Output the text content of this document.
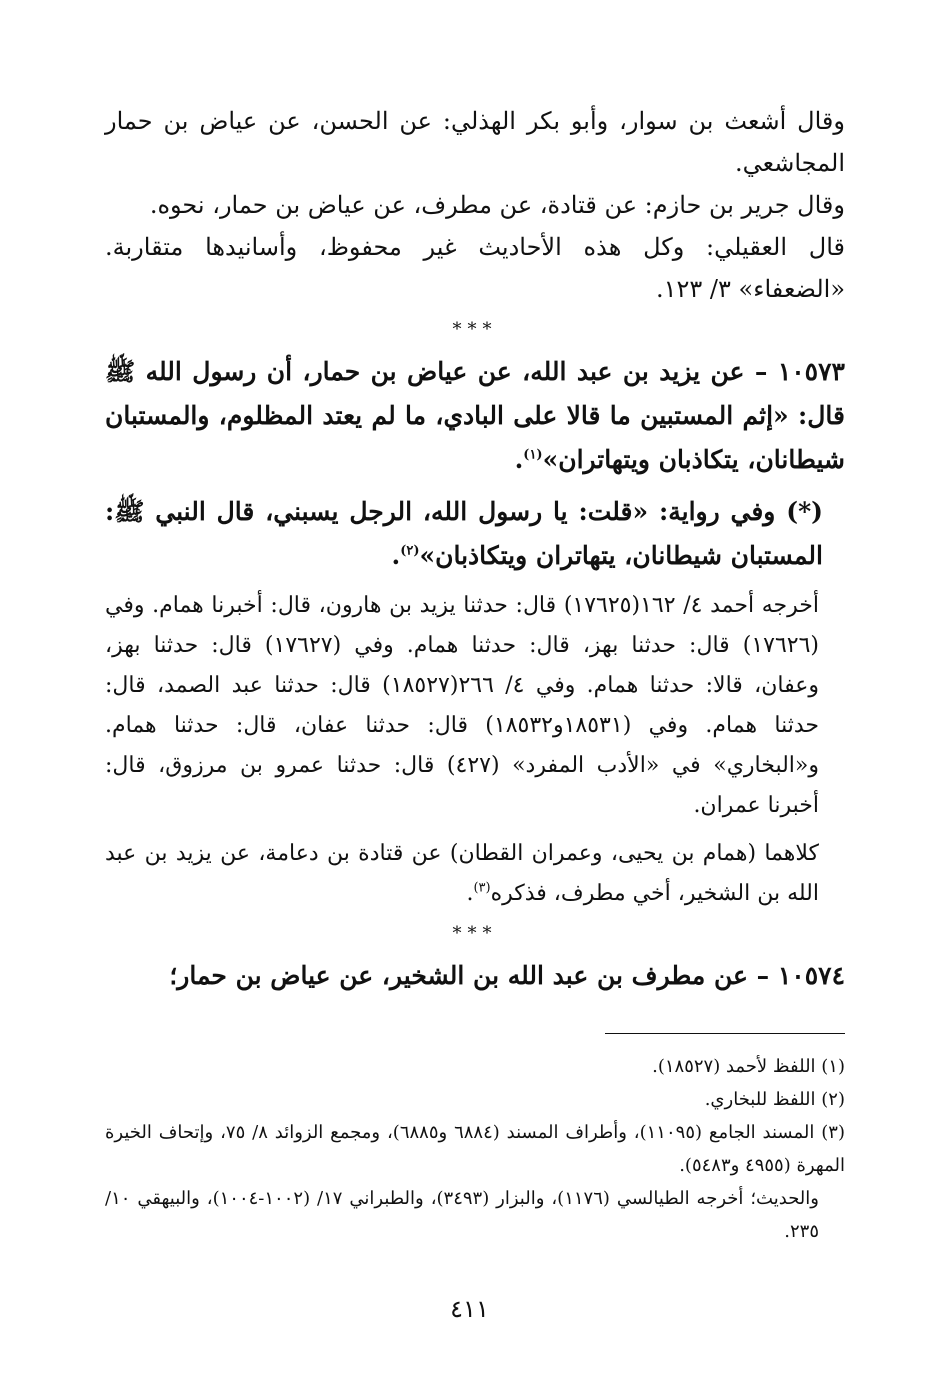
وقال أشعث بن سوار، وأبو بكر الهذلي: عن الحسن، عن عياض بن حمار المجاشعي.

وقال جرير بن حازم: عن قتادة، عن مطرف، عن عياض بن حمار، نحوه.

قال العقيلي: وكل هذه الأحاديث غير محفوظ، وأسانيدها متقاربة. «الضعفاء» ٣/ ١٢٣.

***

١٠٥٧٣ – عن يزيد بن عبد الله، عن عياض بن حمار، أن رسول الله ﷺ قال: «إثم المستبين ما قالا على البادي، ما لم يعتد المظلوم، والمستبان شيطانان، يتكاذبان ويتهاتران»$^{(١)}$.

(*) وفي رواية: «قلت: يا رسول الله، الرجل يسبني، قال النبي ﷺ: المستبان شيطانان، يتهاتران ويتكاذبان»$^{(٢)}$.

أخرجه أحمد ٤/ ١٦٢(١٧٦٢٥) قال: حدثنا يزيد بن هارون، قال: أخبرنا همام. وفي (١٧٦٢٦) قال: حدثنا بهز، قال: حدثنا همام. وفي (١٧٦٢٧) قال: حدثنا بهز، وعفان، قالا: حدثنا همام. وفي ٤/ ٢٦٦(١٨٥٢٧) قال: حدثنا عبد الصمد، قال: حدثنا همام. وفي (١٨٥٣١و١٨٥٣٢) قال: حدثنا عفان، قال: حدثنا همام. و«البخاري» في «الأدب المفرد» (٤٢٧) قال: حدثنا عمرو بن مرزوق، قال: أخبرنا عمران.

كلاهما (همام بن يحيى، وعمران القطان) عن قتادة بن دعامة، عن يزيد بن عبد الله بن الشخير، أخي مطرف، فذكره$^{(٣)}$.

***

١٠٥٧٤ – عن مطرف بن عبد الله بن الشخير، عن عياض بن حمار؛

(١) اللفظ لأحمد (١٨٥٢٧).

(٢) اللفظ للبخاري.

(٣) المسند الجامع (١١٠٩٥)، وأطراف المسند (٦٨٨٤ و٦٨٨٥)، ومجمع الزوائد ٨/ ٧٥، وإتحاف الخيرة المهرة (٤٩٥٥ و٥٤٨٣).

والحديث؛ أخرجه الطيالسي (١١٧٦)، والبزار (٣٤٩٣)، والطبراني ١٧/ (١٠٠٢-١٠٠٤)، والبيهقي ١٠/ ٢٣٥.

٤١١
